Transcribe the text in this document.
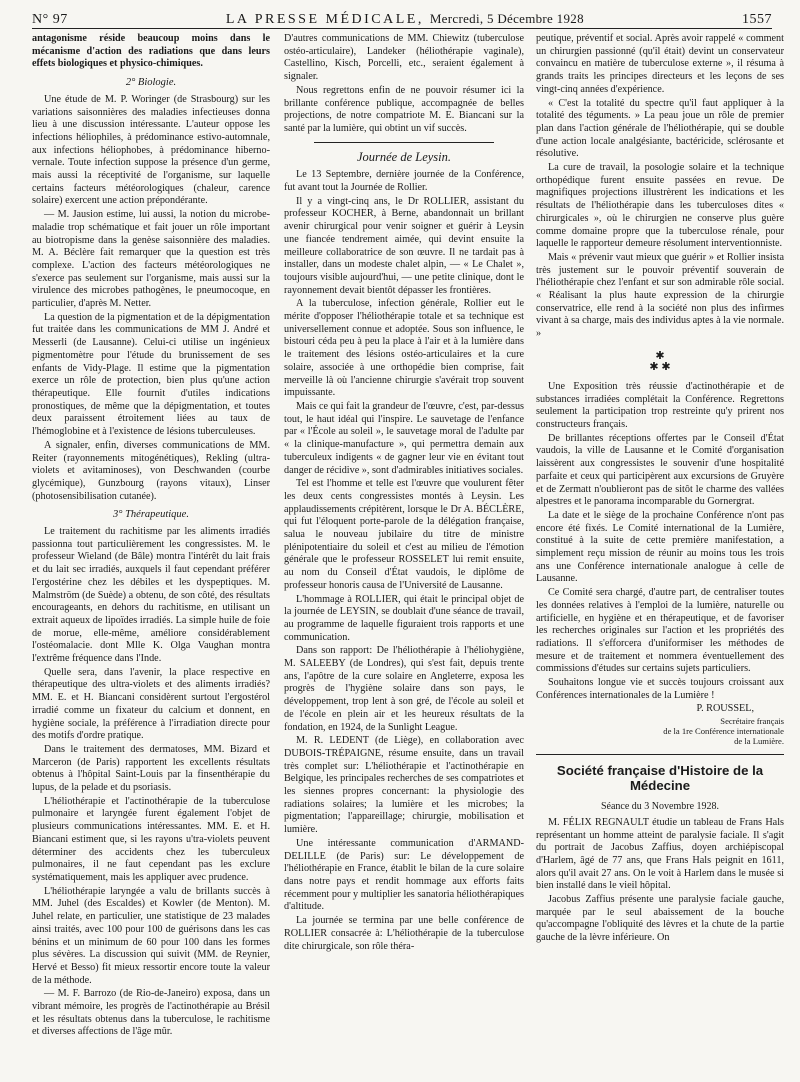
N° 97	LA PRESSE MÉDICALE, Mercredi, 5 Décembre 1928	1557

antagonisme réside beaucoup moins dans le mécanisme d'action des radiations que dans leurs effets biologiques et physico-chimiques.

2° Biologie.

Une étude de M. P. Woringer (de Strasbourg) sur les variations saisonnières des maladies infectieuses donna lieu à une discussion intéressante. L'auteur oppose les infections héliophiles, à prédominance estivo-automnale, aux infections héliophobes, à prédominance hiberno-vernale. Toute infection suppose la présence d'un germe, mais aussi la réceptivité de l'organisme, sur laquelle certains facteurs météorologiques (chaleur, carence solaire) exercent une action prépondérante.

— M. Jausion estime, lui aussi, la notion du microbe-maladie trop schématique et fait jouer un rôle important au biotropisme dans la genèse saisonnière des maladies. M. A. Béclère fait remarquer que la question est très complexe. L'action des facteurs météorologiques ne s'exerce pas seulement sur l'organisme, mais aussi sur la virulence des microbes pathogènes, le pneumocoque, en particulier, d'après M. Netter.

La question de la pigmentation et de la dépigmentation fut traitée dans les communications de MM J. André et Messerli (de Lausanne). Celui-ci utilise un ingénieux pigmentomètre pour l'étude du brunissement de ses enfants de Vidy-Plage. Il estime que la pigmentation exerce un rôle de protection, bien plus qu'une action thérapeutique. Elle fournit d'utiles indications pronostiques, de même que la dépigmentation, et toutes deux paraissent étroitement liées au taux de l'hémoglobine et à l'existence de lésions tuberculeuses.

A signaler, enfin, diverses communications de MM. Reiter (rayonnements mitogénétiques), Rekling (ultra-violets et avitaminoses), von Deschwanden (courbe glycémique), Gunzbourg (rayons vitaux), Linser (photosensibilisation cutanée).

3° Thérapeutique.

Le traitement du rachitisme par les aliments irradiés passionna tout particulièrement les congressistes. M. le professeur Wieland (de Bâle) montra l'intérêt du lait frais et du lait sec irradiés, auxquels il faut cependant préférer l'ergostérine chez les débiles et les dyspeptiques. M. Malmström (de Suède) a obtenu, de son côté, des résultats encourageants, en dehors du rachitisme, en utilisant un extrait aqueux de lipoïdes irradiés. La simple huile de foie de morue, elle-même, améliore considérablement l'ostéomalacie. dont Mlle K. Olga Vaughan montra l'extrême fréquence dans l'Inde.

Quelle sera, dans l'avenir, la place respective en thérapeutique des ultra-violets et des aliments irradiés? MM. E. et H. Biancani considèrent surtout l'ergostérol irradié comme un fixateur du calcium et donnent, en hygiène sociale, la préférence à l'irradiation directe pour des motifs d'ordre pratique.

Dans le traitement des dermatoses, MM. Bizard et Marceron (de Paris) rapportent les excellents résultats obtenus à l'hôpital Saint-Louis par la finsenthérapie du lupus, de la pelade et du psoriasis.

L'héliothérapie et l'actinothérapie de la tuberculose pulmonaire et laryngée furent également l'objet de plusieurs communications intéressantes. MM. E. et H. Biancani estiment que, si les rayons u'tra-violets peuvent déterminer des accidents chez les tuberculeux pulmonaires, il ne faut cependant pas les exclure systématiquement, mais les appliquer avec prudence.

L'héliothérapie laryngée a valu de brillants succès à MM. Juhel (des Escaldes) et Kowler (de Menton). M. Juhel relate, en particulier, une statistique de 23 malades ainsi traités, avec 100 pour 100 de guérisons dans les cas bénins et un minimum de 60 pour 100 dans les formes plus sévères. La discussion qui suivit (MM. de Reynier, Hervé et Besso) fit mieux ressortir encore toute la valeur de la méthode.

— M. F. Barrozo (de Rio-de-Janeiro) exposa, dans un vibrant mémoire, les progrès de l'actinothérapie au Brésil et les résultats obtenus dans la tuberculose, le rachitisme et diverses affections de l'âge mûr.

D'autres communications de MM. Chiewitz (tuberculose ostéo-articulaire), Landeker (héliothérapie vaginale), Castellino, Kisch, Porcelli, etc., seraient également à signaler.

Nous regrettons enfin de ne pouvoir résumer ici la brillante conférence publique, accompagnée de belles projections, de notre compatriote M. E. Biancani sur la santé par la lumière, qui obtint un vif succès.

Journée de Leysin.

Le 13 Septembre, dernière journée de la Conférence, fut avant tout la Journée de Rollier.

Il y a vingt-cinq ans, le Dr ROLLIER, assistant du professeur KOCHER, à Berne, abandonnait un brillant avenir chirurgical pour venir soigner et guérir à Leysin une fiancée tendrement aimée, qui devint ensuite la meilleure collaboratrice de son œuvre. Il ne tardait pas à installer, dans un modeste chalet alpin, — « Le Chalet », toujours visible aujourd'hui, — une petite clinique, dont le rayonnement devait bientôt dépasser les frontières.

A la tuberculose, infection générale, Rollier eut le mérite d'opposer l'héliothérapie totale et sa technique est universellement connue et adoptée. Sous son influence, le bistouri céda peu à peu la place à l'air et à la lumière dans le traitement des lésions ostéo-articulaires et la cure solaire, associée à une orthopédie bien comprise, fait merveille là où l'ancienne chirurgie s'avérait trop souvent impuissante.

Mais ce qui fait la grandeur de l'œuvre, c'est, par-dessus tout, le haut idéal qui l'inspire. Le sauvetage de l'enfance par « l'École au soleil », le sauvetage moral de l'adulte par « la clinique-manufacture », qui permettra demain aux tuberculeux indigents « de gagner leur vie en évitant tout danger de récidive », sont d'admirables initiatives sociales.

Tel est l'homme et telle est l'œuvre que voulurent fêter les deux cents congressistes montés à Leysin. Les applaudissements crépitèrent, lorsque le Dr A. BÉCLÈRE, qui fut l'éloquent porte-parole de la délégation française, salua le nouveau jubilaire du titre de ministre plénipotentiaire du soleil et c'est au milieu de l'émotion générale que le professeur ROSSELET lui remit ensuite, au nom du Conseil d'État vaudois, le diplôme de professeur honoris causa de l'Université de Lausanne.

L'hommage à ROLLIER, qui était le principal objet de la journée de LEYSIN, se doublait d'une séance de travail, au programme de laquelle figuraient trois rapports et une communication.

Dans son rapport: De l'héliothérapie à l'héliohygiène, M. SALEEBY (de Londres), qui s'est fait, depuis trente ans, l'apôtre de la cure solaire en Angleterre, exposa les progrès de l'hygiène solaire dans son pays, le développement, trop lent à son gré, de l'école au soleil et de l'école en plein air et les heureux résultats de la fondation, en 1924, de la Sunlight League.

M. R. LEDENT (de Liège), en collaboration avec DUBOIS-TRÉPAIGNE, résume ensuite, dans un travail très complet sur: L'héliothérapie et l'actinothérapie en Belgique, les principales recherches de ses compatriotes et les siennes propres concernant: la physiologie des radiations solaires; la lumière et les microbes; la pigmentation; l'appareillage; chirurgie, mobilisation et lumière.

Une intéressante communication d'ARMAND-DELILLE (de Paris) sur: Le développement de l'héliothérapie en France, établit le bilan de la cure solaire dans notre pays et rendit hommage aux efforts faits récemment pour y multiplier les sanatoria héliothérapiques d'altitude.

La journée se termina par une belle conférence de ROLLIER consacrée à: L'héliothérapie de la tuberculose dite chirurgicale, son rôle théra-

peutique, préventif et social. Après avoir rappelé « comment un chirurgien passionné (qu'il était) devint un conservateur convaincu en matière de tuberculose externe », il résuma à grands traits les principes directeurs et les leçons de ses vingt-cinq années d'expérience.

« C'est la totalité du spectre qu'il faut appliquer à la totalité des téguments. » La peau joue un rôle de premier plan dans l'action générale de l'héliothérapie, qui se double d'une action locale analgésiante, bactéricide, sclérosante et résolutive.

La cure de travail, la posologie solaire et la technique orthopédique furent ensuite passées en revue. De magnifiques projections illustrèrent les indications et les résultats de l'héliothérapie dans les tuberculoses dites « chirurgicales », où le chirurgien ne conserve plus guère comme domaine propre que la tuberculose rénale, pour laquelle le rapporteur demeure résolument interventionniste.

Mais « prévenir vaut mieux que guérir » et Rollier insista très justement sur le pouvoir préventif souverain de l'héliothérapie chez l'enfant et sur son admirable rôle social. « Réalisant la plus haute expression de la chirurgie conservatrice, elle rend à la société non plus des infirmes vivant à sa charge, mais des individus aptes à la vie normale. »

✱
✱ ✱

Une Exposition très réussie d'actinothérapie et de substances irradiées complétait la Conférence. Regrettons seulement la participation trop restreinte qu'y prirent nos constructeurs français.

De brillantes réceptions offertes par le Conseil d'État vaudois, la ville de Lausanne et le Comité d'organisation laissèrent aux congressistes le souvenir d'une hospitalité parfaite et ceux qui participèrent aux excursions de Gruyère et de Zermatt n'oublieront pas de sitôt le charme des vallées alpestres et le panorama incomparable du Gornergrat.

La date et le siège de la prochaine Conférence n'ont pas encore été fixés. Le Comité international de la Lumière, constitué à la suite de cette première manifestation, a simplement reçu mission de réunir au moins tous les trois ans une Conférence internationale analogue à celle de Lausanne.

Ce Comité sera chargé, d'autre part, de centraliser toutes les données relatives à l'emploi de la lumière, naturelle ou artificielle, en hygiène et en thérapeutique, et de favoriser les recherches originales sur l'action et les propriétés des radiations. Il s'efforcera d'uniformiser les méthodes de mesure et de traitement et nommera éventuellement des commissions d'études sur certains sujets particuliers.

Souhaitons longue vie et succès toujours croissant aux Conférences internationales de la Lumière !

P. ROUSSEL,
Secrétaire français
de la 1re Conférence internationale
de la Lumière.
Société française d'Histoire de la Médecine
Séance du 3 Novembre 1928.

M. FÉLIX REGNAULT étudie un tableau de Frans Hals représentant un homme atteint de paralysie faciale. Il s'agit du portrait de Jacobus Zaffius, doyen archiépiscopal d'Harlem, âgé de 77 ans, que Frans Hals peignit en 1611, alors qu'il avait 27 ans. On le voit à Harlem dans le musée si bien installé dans le vieil hôpital.

Jacobus Zaffius présente une paralysie faciale gauche, marquée par le seul abaissement de la bouche qu'accompagne l'obliquité des lèvres et la chute de la partie gauche de la lèvre inférieure. On
